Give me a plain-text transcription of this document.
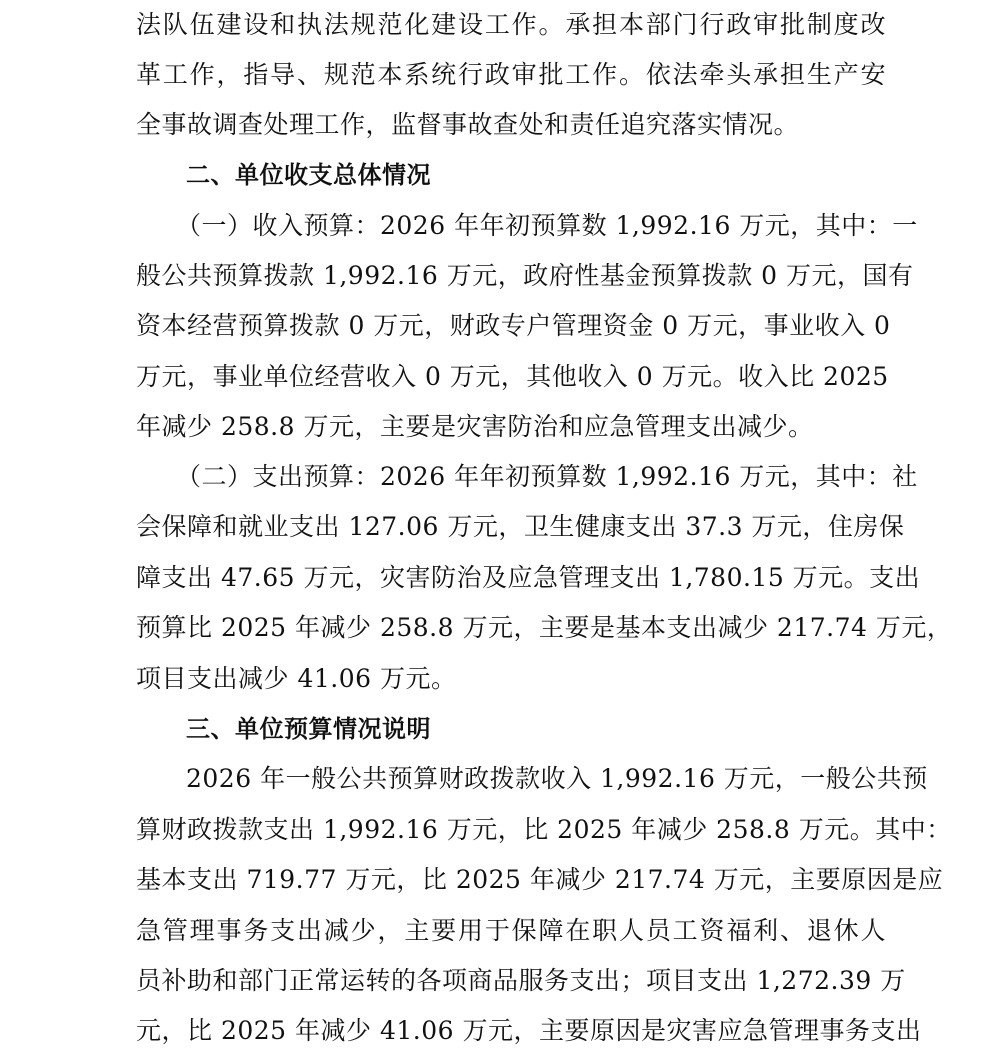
法队伍建设和执法规范化建设工作。承担本部门行政审批制度改
革工作，指导、规范本系统行政审批工作。依法牵头承担生产安
全事故调查处理工作，监督事故查处和责任追究落实情况。
二、单位收支总体情况
（一）收入预算：2026 年年初预算数 1,992.16 万元，其中：一
般公共预算拨款 1,992.16 万元，政府性基金预算拨款 0 万元，国有
资本经营预算拨款 0 万元，财政专户管理资金 0 万元，事业收入 0
万元，事业单位经营收入 0 万元，其他收入 0 万元。收入比 2025
年减少 258.8 万元，主要是灾害防治和应急管理支出减少。
（二）支出预算：2026 年年初预算数 1,992.16 万元，其中：社
会保障和就业支出 127.06 万元，卫生健康支出 37.3 万元，住房保
障支出 47.65 万元，灾害防治及应急管理支出 1,780.15 万元。支出
预算比 2025 年减少 258.8 万元，主要是基本支出减少 217.74 万元，
项目支出减少 41.06 万元。
三、单位预算情况说明
2026 年一般公共预算财政拨款收入 1,992.16 万元，一般公共预
算财政拨款支出 1,992.16 万元，比 2025 年减少 258.8 万元。其中：
基本支出 719.77 万元，比 2025 年减少 217.74 万元，主要原因是应
急管理事务支出减少，主要用于保障在职人员工资福利、退休人
员补助和部门正常运转的各项商品服务支出；项目支出 1,272.39 万
元，比 2025 年减少 41.06 万元，主要原因是灾害应急管理事务支出
